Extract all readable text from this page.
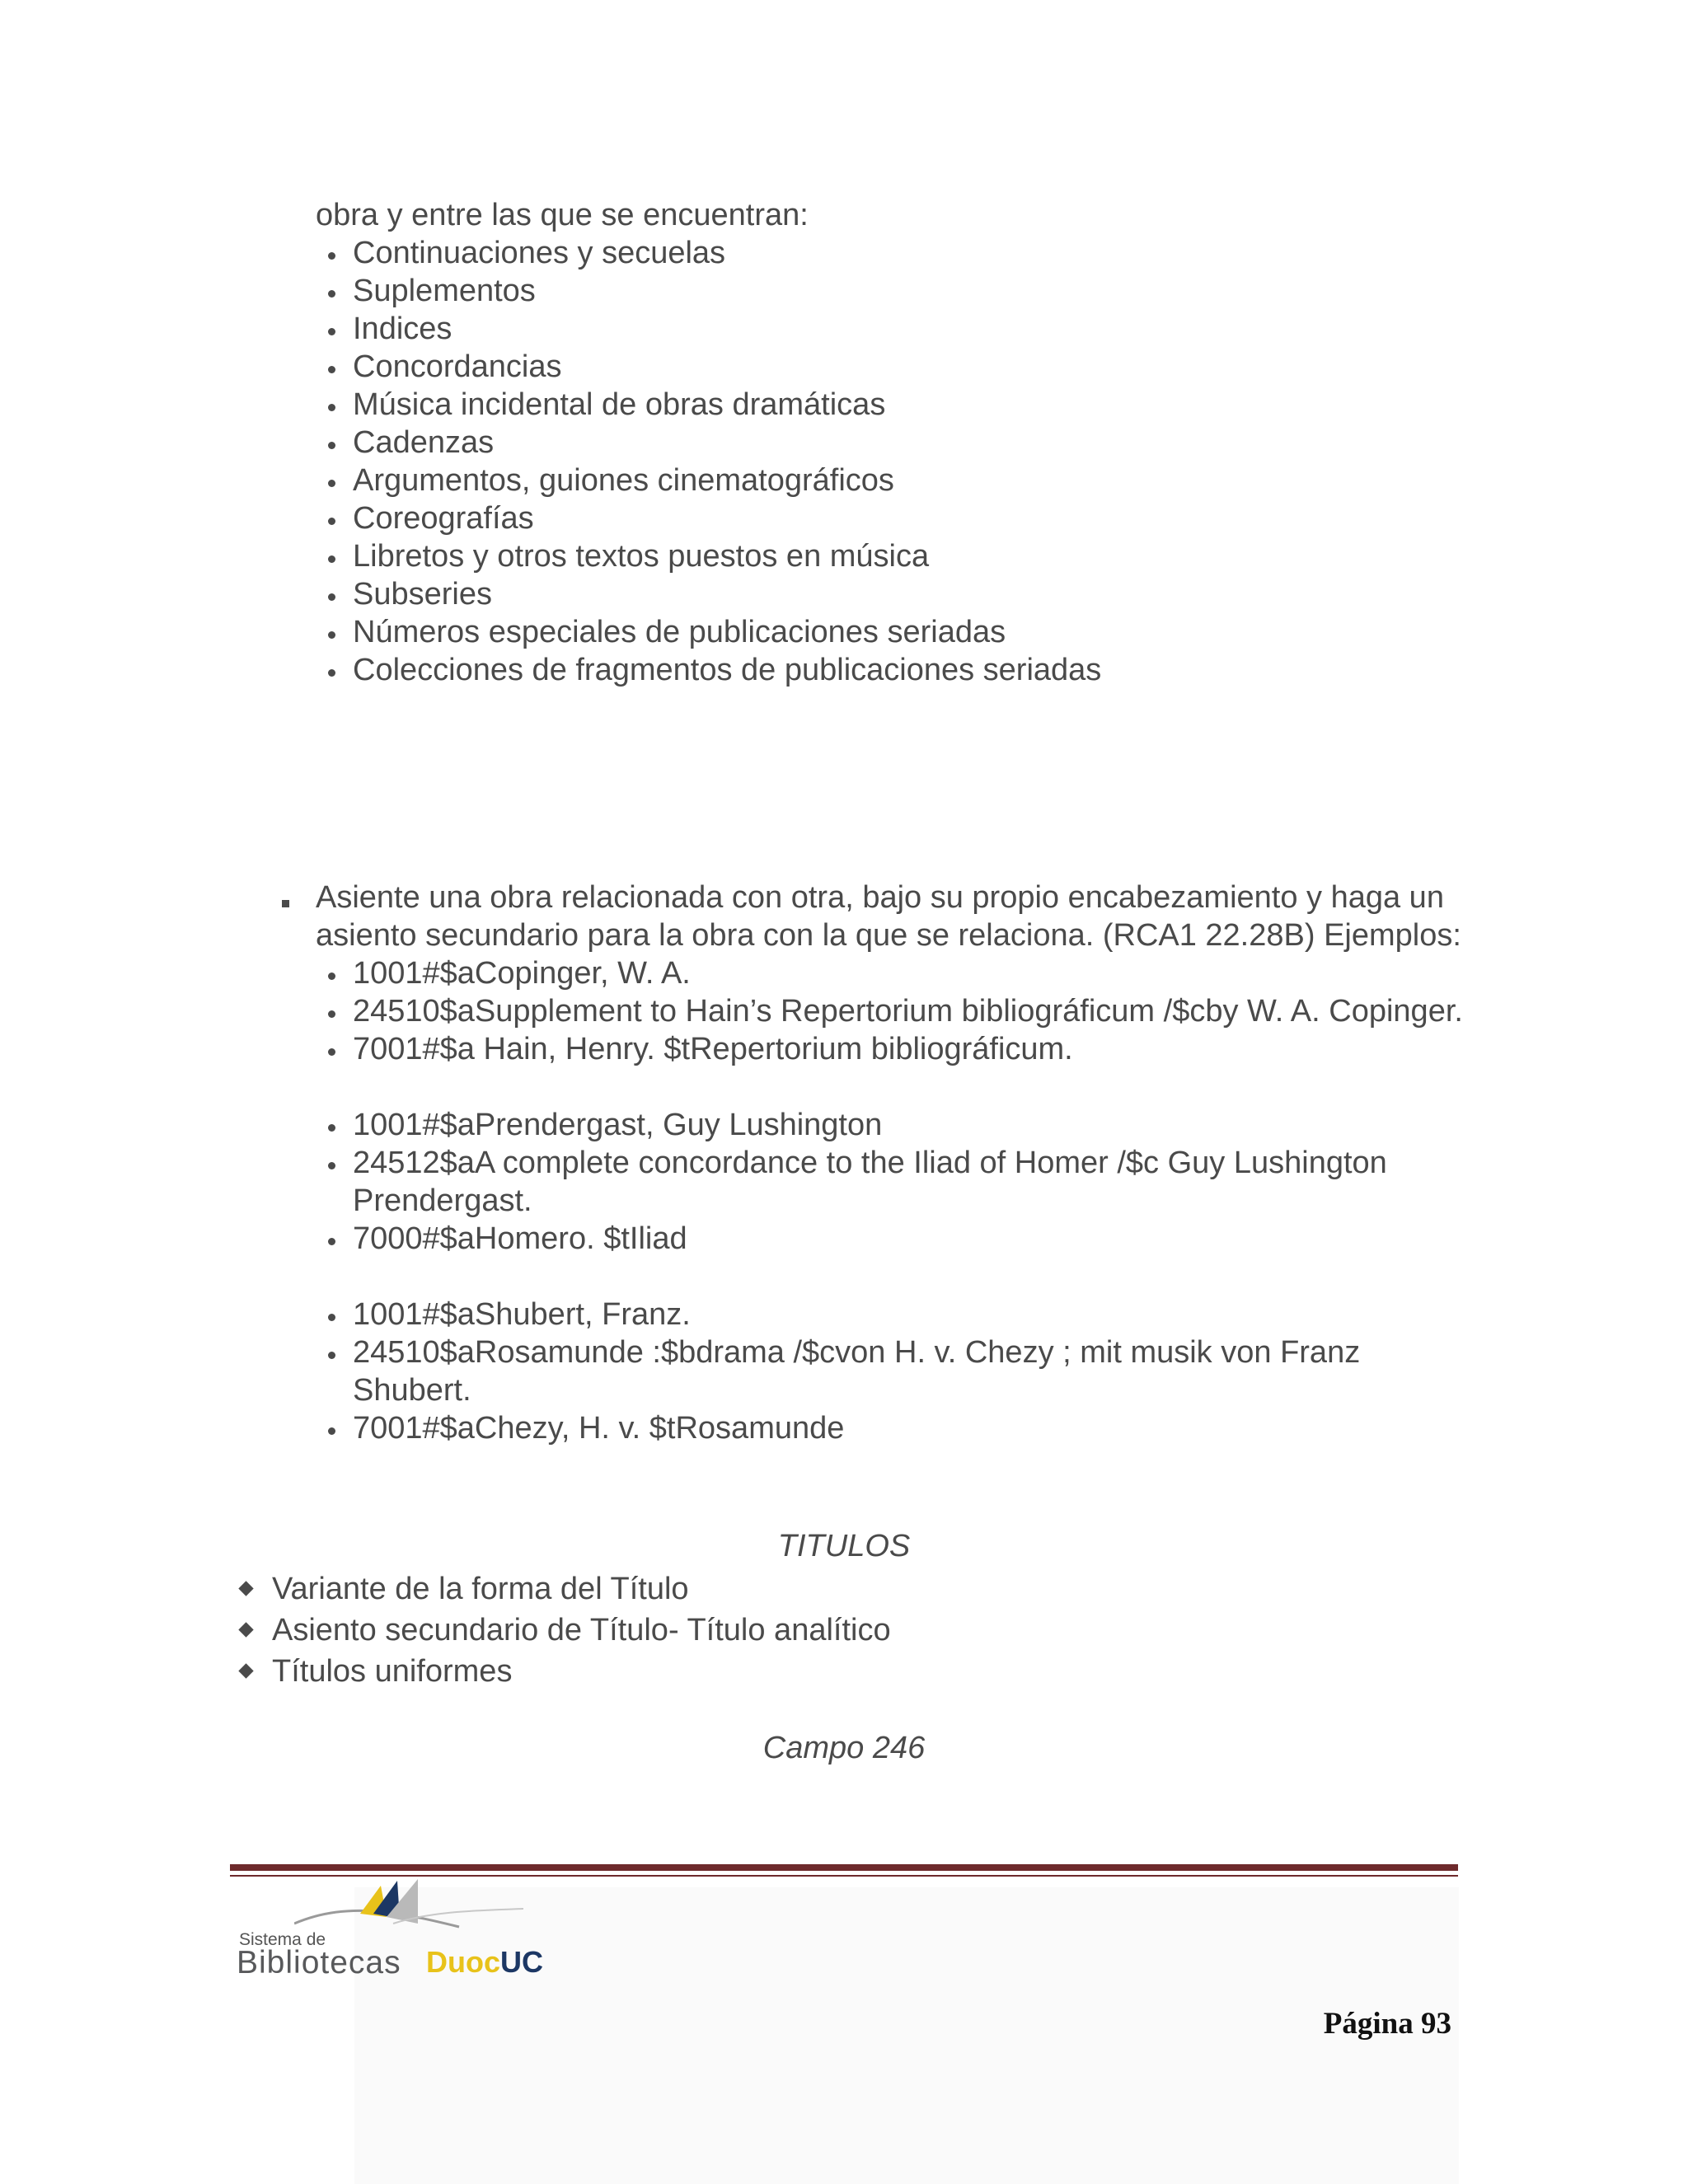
obra y entre las que se encuentran:
Continuaciones y secuelas
Suplementos
Indices
Concordancias
Música incidental de obras dramáticas
Cadenzas
Argumentos, guiones cinematográficos
Coreografías
Libretos y otros textos puestos en música
Subseries
Números especiales de publicaciones seriadas
Colecciones de fragmentos de publicaciones seriadas
Asiente una obra relacionada con otra, bajo su propio encabezamiento y haga un asiento secundario para la obra con la que se relaciona. (RCA1 22.28B) Ejemplos:
1001#$aCopinger, W. A.
24510$aSupplement to Hain’s Repertorium bibliográficum /$cby W. A. Copinger.
7001#$a Hain, Henry. $tRepertorium bibliográficum.
1001#$aPrendergast, Guy Lushington
24512$aA complete concordance to the Iliad of Homer /$c Guy Lushington Prendergast.
7000#$aHomero. $tIliad
1001#$aShubert, Franz.
24510$aRosamunde :$bdrama /$cvon H. v. Chezy ; mit musik von Franz Shubert.
7001#$aChezy, H. v. $tRosamunde
TITULOS
Variante de la forma del Título
Asiento secundario de Título- Título analítico
Títulos uniformes
Campo 246
Sistema de
Bibliotecas DuocUC
Página 93
